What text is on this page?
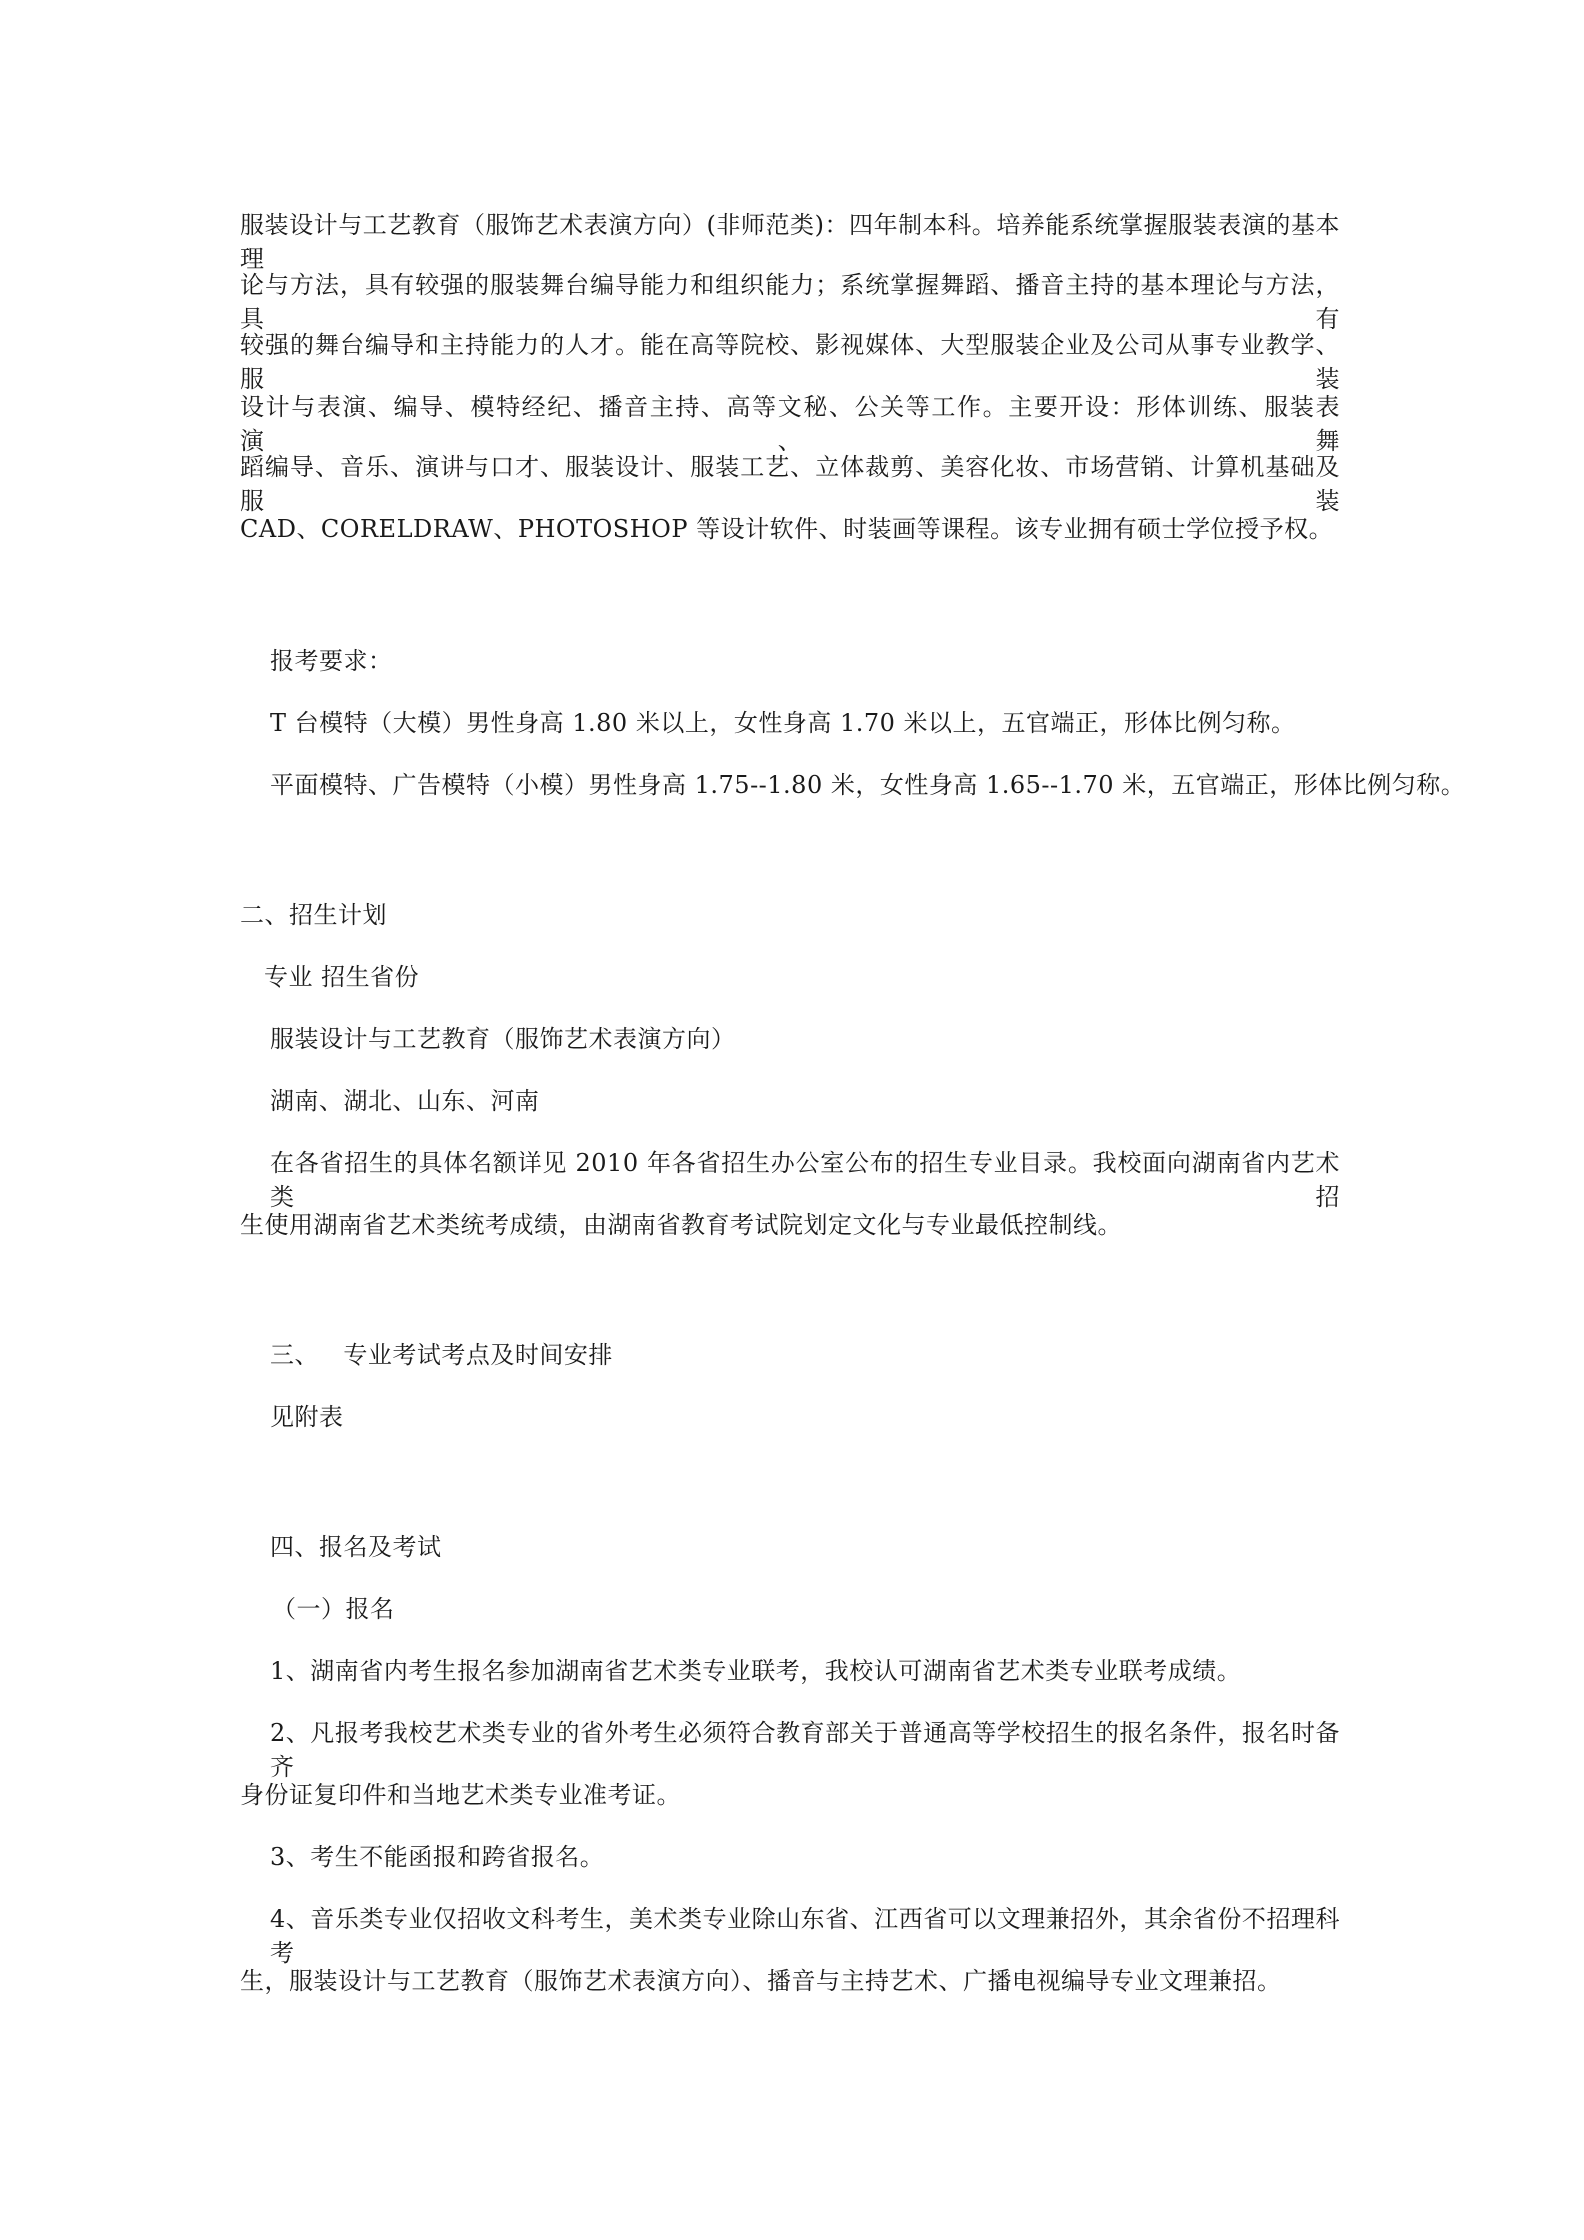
服装设计与工艺教育（服饰艺术表演方向）(非师范类)：四年制本科。培养能系统掌握服装表演的基本理
论与方法，具有较强的服装舞台编导能力和组织能力；系统掌握舞蹈、播音主持的基本理论与方法，具有
较强的舞台编导和主持能力的人才。能在高等院校、影视媒体、大型服装企业及公司从事专业教学、服装
设计与表演、编导、模特经纪、播音主持、高等文秘、公关等工作。主要开设：形体训练、服装表演、舞
蹈编导、音乐、演讲与口才、服装设计、服装工艺、立体裁剪、美容化妆、市场营销、计算机基础及服装
CAD、CORELDRAW、PHOTOSHOP 等设计软件、时装画等课程。该专业拥有硕士学位授予权。
报考要求：
T 台模特（大模）男性身高 1.80 米以上，女性身高 1.70 米以上，五官端正，形体比例匀称。
平面模特、广告模特（小模）男性身高 1.75--1.80 米，女性身高 1.65--1.70 米，五官端正，形体比例匀称。
二、招生计划
专业 招生省份
服装设计与工艺教育（服饰艺术表演方向）
湖南、湖北、山东、河南
在各省招生的具体名额详见 2010 年各省招生办公室公布的招生专业目录。我校面向湖南省内艺术类招
生使用湖南省艺术类统考成绩，由湖南省教育考试院划定文化与专业最低控制线。
三、   专业考试考点及时间安排
见附表
四、报名及考试
（一）报名
1、湖南省内考生报名参加湖南省艺术类专业联考，我校认可湖南省艺术类专业联考成绩。
2、凡报考我校艺术类专业的省外考生必须符合教育部关于普通高等学校招生的报名条件，报名时备齐
身份证复印件和当地艺术类专业准考证。
3、考生不能函报和跨省报名。
4、音乐类专业仅招收文科考生，美术类专业除山东省、江西省可以文理兼招外，其余省份不招理科考
生，服装设计与工艺教育（服饰艺术表演方向）、播音与主持艺术、广播电视编导专业文理兼招。
